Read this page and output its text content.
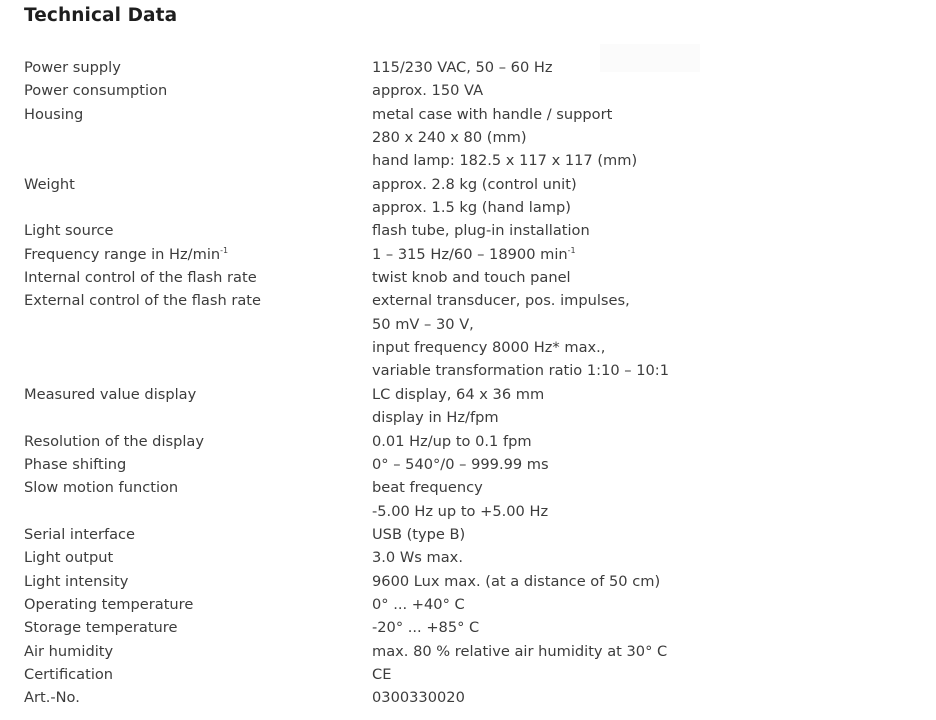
Technical Data
Power supply	115/230 VAC, 50 – 60 Hz
Power consumption	approx. 150 VA
Housing	metal case with handle / support
280 x 240 x 80 (mm)
hand lamp: 182.5 x 117 x 117 (mm)
Weight	approx. 2.8 kg (control unit)
approx. 1.5 kg (hand lamp)
Light source	flash tube, plug-in installation
Frequency range in $Hz/\min^{-1}$	1 – 315 Hz/60 – 18900 $\min^{-1}$
Internal control of the flash rate	twist knob and touch panel
External control of the flash rate	external transducer, pos. impulses,
50 mV – 30 V,
input frequency 8000 Hz* max.,
variable transformation ratio 1:10 – 10:1
Measured value display	LC display, 64 x 36 mm
display in Hz/fpm
Resolution of the display	0.01 Hz/up to 0.1 fpm
Phase shifting	0° – 540°/0 – 999.99 ms
Slow motion function	beat frequency
-5.00 Hz up to +5.00 Hz
Serial interface	USB (type B)
Light output	3.0 Ws max.
Light intensity	9600 Lux max. (at a distance of 50 cm)
Operating temperature	0° ... +40° C
Storage temperature	-20° ... +85° C
Air humidity	max. 80 % relative air humidity at 30° C
Certification	CE
Art.-No.	0300330020
